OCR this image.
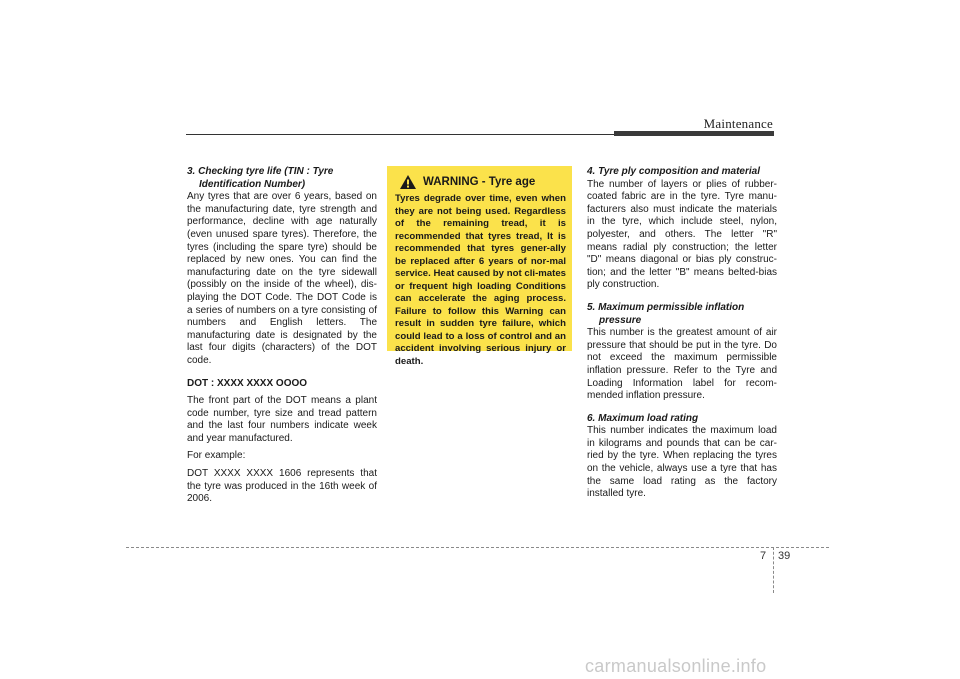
Maintenance

3. Checking tyre life (TIN : Tyre
Identification Number)

Any tyres that are over 6 years, based on the manufacturing date, tyre strength and performance, decline with age naturally (even unused spare tyres). Therefore, the tyres (including the spare tyre) should be replaced by new ones. You can find the manufacturing date on the tyre sidewall (possibly on the inside of the wheel), dis-playing the DOT Code. The DOT Code is a series of numbers on a tyre consisting of numbers and English letters. The manufacturing date is designated by the last four digits (characters) of the DOT code.

DOT : XXXX XXXX OOOO

The front part of the DOT means a plant code number, tyre size and tread pattern and the last four numbers indicate week and year manufactured.

For example:

DOT XXXX XXXX 1606 represents that the tyre was produced in the 16th week of 2006.

WARNING - Tyre age

Tyres degrade over time, even when they are not being used. Regardless of the remaining tread, it is recommended that tyres tread, It is recommended that tyres gener-ally be replaced after 6 years of nor-mal service. Heat caused by not cli-mates or frequent high loading Conditions can accelerate the aging process. Failure to follow this Warning can result in sudden tyre failure, which could lead to a loss of control and an accident involving serious injury or death.

4. Tyre ply composition and material

The number of layers or plies of rubber-coated fabric are in the tyre. Tyre manu-facturers also must indicate the materials in the tyre, which include steel, nylon, polyester, and others. The letter "R" means radial ply construction; the letter "D" means diagonal or bias ply construc-tion; and the letter "B" means belted-bias ply construction.

5. Maximum permissible inflation
pressure

This number is the greatest amount of air pressure that should be put in the tyre. Do not exceed the maximum permissible inflation pressure. Refer to the Tyre and Loading Information label for recom-mended inflation pressure.

6. Maximum load rating

This number indicates the maximum load in kilograms and pounds that can be car-ried by the tyre. When replacing the tyres on the vehicle, always use a tyre that has the same load rating as the factory installed tyre.

7 39
carmanualsonline.info
